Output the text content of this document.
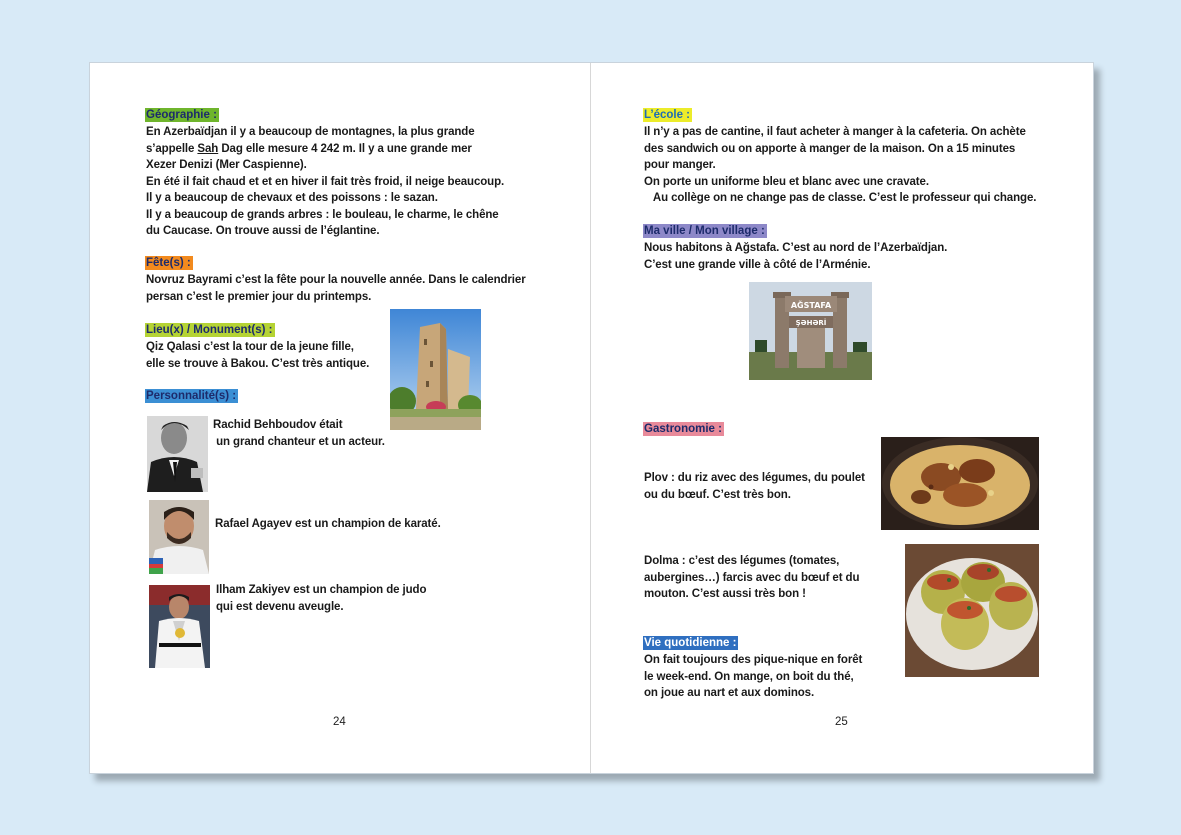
Géographie :
En Azerbaïdjan il y a beaucoup de montagnes, la plus grande
s’appelle Sah Dag elle mesure 4 242 m. Il y a une grande mer
Xezer Denizi (Mer Caspienne).
En été il fait chaud et et en hiver il fait très froid, il neige beaucoup.
Il y a beaucoup de chevaux et des poissons : le sazan.
Il y a beaucoup de grands arbres : le bouleau, le charme, le chêne
du Caucase. On trouve aussi de l’églantine.
Fête(s) :
Novruz Bayrami c’est la fête pour la nouvelle année. Dans le calendrier
persan c’est le premier jour du printemps.
Lieu(x) / Monument(s) :
Qiz Qalasi c’est la tour de la jeune fille,
elle se trouve à Bakou. C’est très antique.
Personnalité(s) :
Rachid Behboudov était
un grand chanteur et un acteur.
Rafael Agayev est un champion de karaté.
Ilham Zakiyev est un champion de judo
qui est devenu aveugle.
24
L’école :
Il n’y a pas de cantine, il faut acheter à manger à la cafeteria. On achète
des sandwich ou on apporte à manger de la maison. On a 15 minutes
pour manger.
On porte un uniforme bleu et blanc avec une cravate.
Au collège on ne change pas de classe. C’est le professeur qui change.
Ma ville / Mon village :
Nous habitons à Ağstafa. C’est au nord de l’Azerbaïdjan.
C’est une grande ville à côté de l’Arménie.
AĞSTAFA
ŞƏHƏRİ
Gastronomie :
Plov : du riz avec des légumes, du poulet
ou du bœuf. C’est très bon.
Dolma : c’est des légumes (tomates,
aubergines…) farcis avec du bœuf et du
mouton. C’est aussi très bon !
Vie quotidienne :
On fait toujours des pique-nique en forêt
le week-end. On mange, on boit du thé,
on joue au nart et aux dominos.
25
